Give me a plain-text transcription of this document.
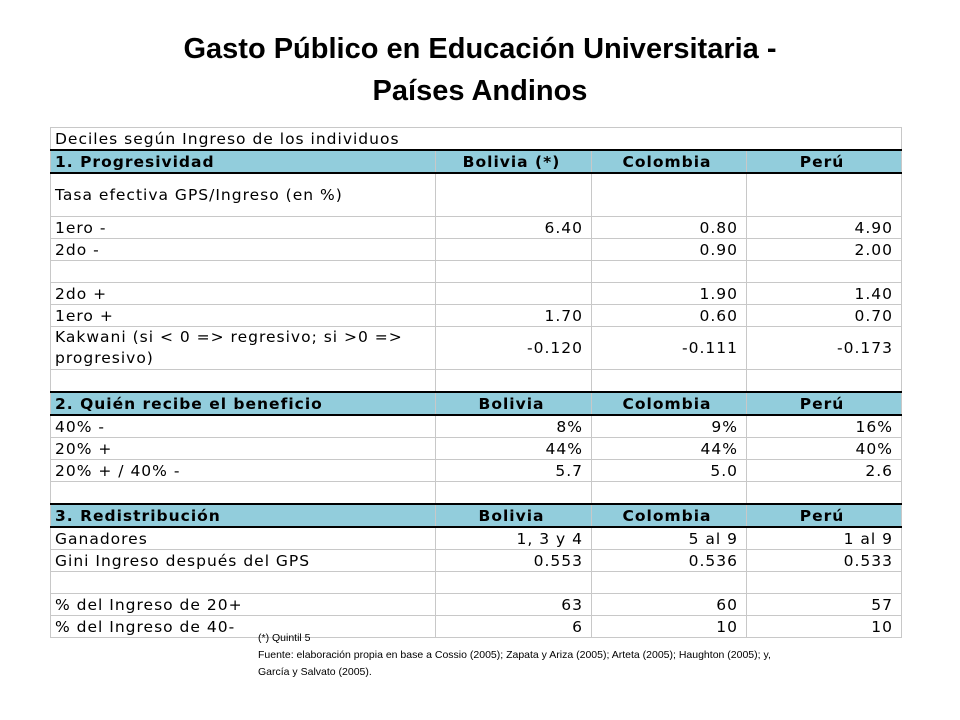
Gasto Público en Educación Universitaria -
Países Andinos
Deciles según Ingreso de los individuos			
1. Progresividad	Bolivia (*)	Colombia	Perú
Tasa efectiva GPS/Ingreso (en %)			
1ero -	6.40	0.80	4.90
2do -		0.90	2.00

2do +		1.90	1.40
1ero +	1.70	0.60	0.70
Kakwani (si < 0 => regresivo; si >0 => progresivo)	-0.120	-0.111	-0.173

2. Quién recibe el beneficio	Bolivia	Colombia	Perú
40% -	8%	9%	16%
20% +	44%	44%	40%
20% + / 40% -	5.7	5.0	2.6

3. Redistribución	Bolivia	Colombia	Perú
Ganadores	1, 3 y 4	5 al 9	1 al 9
Gini Ingreso después del GPS	0.553	0.536	0.533

% del Ingreso de 20+	63	60	57
% del Ingreso de 40-	6	10	10
(*) Quintil 5
Fuente: elaboración propia en base a Cossio (2005); Zapata y Ariza (2005); Arteta (2005); Haughton (2005); y, García y Salvato (2005).
